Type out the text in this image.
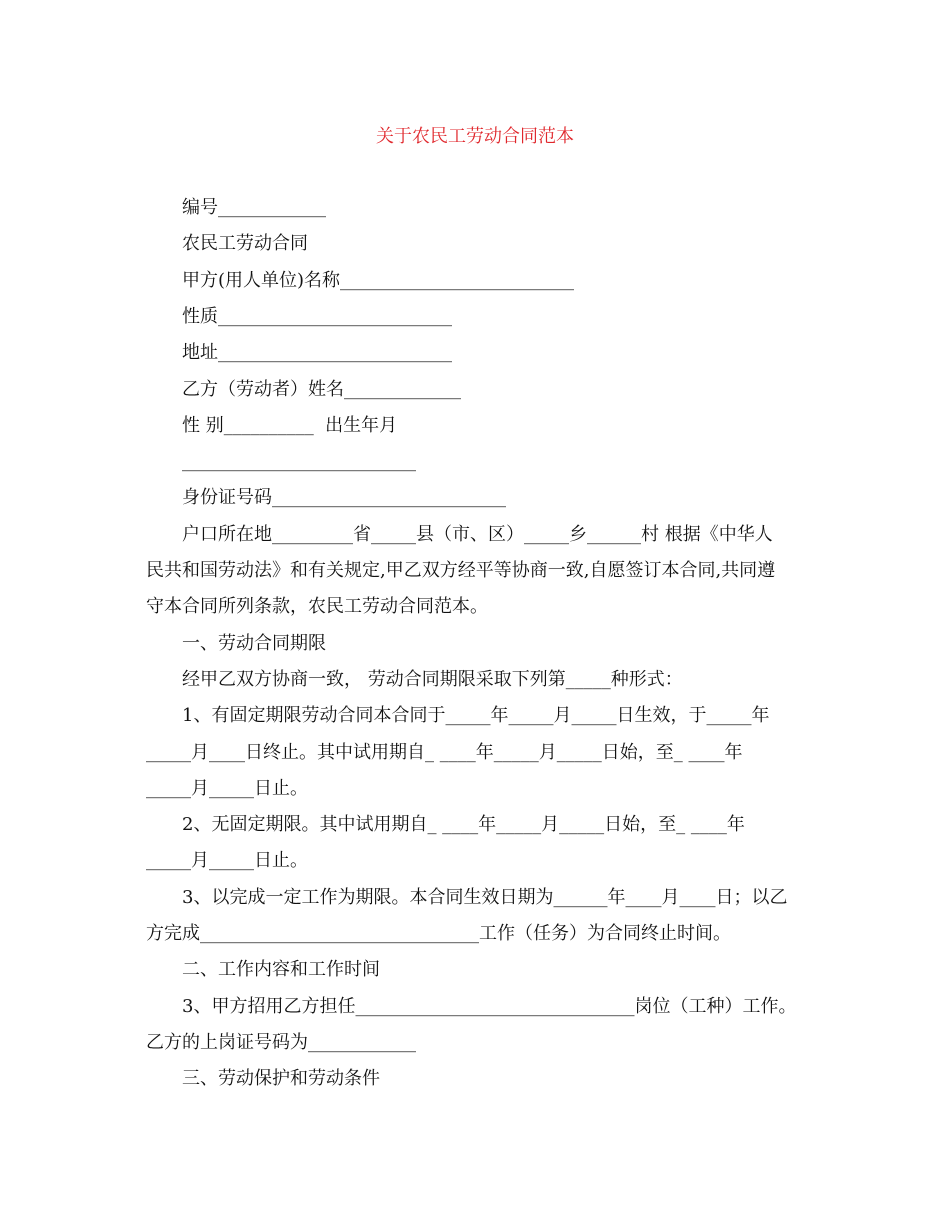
关于农民工劳动合同范本
编号____________
农民工劳动合同
甲方(用人单位)名称__________________________
性质__________________________
地址__________________________
乙方（劳动者）姓名_____________
性 别__________  出生年月
__________________________
身份证号码__________________________
户口所在地_________省_____县（市、区）_____乡______村 根据《中华人
民共和国劳动法》和有关规定,甲乙双方经平等协商一致,自愿签订本合同,共同遵
守本合同所列条款，农民工劳动合同范本。
一、劳动合同期限
经甲乙双方协商一致， 劳动合同期限采取下列第_____种形式：
1、有固定期限劳动合同本合同于_____年_____月_____日生效，于_____年
_____月____日终止。其中试用期自_ ____年_____月_____日始，至_ ____年
_____月_____日止。
2、无固定期限。其中试用期自_ ____年_____月_____日始，至_ ____年
_____月_____日止。
3、以完成一定工作为期限。本合同生效日期为______年____月____日；以乙
方完成_______________________________工作（任务）为合同终止时间。
二、工作内容和工作时间
3、甲方招用乙方担任_______________________________岗位（工种）工作。
乙方的上岗证号码为____________
三、劳动保护和劳动条件
